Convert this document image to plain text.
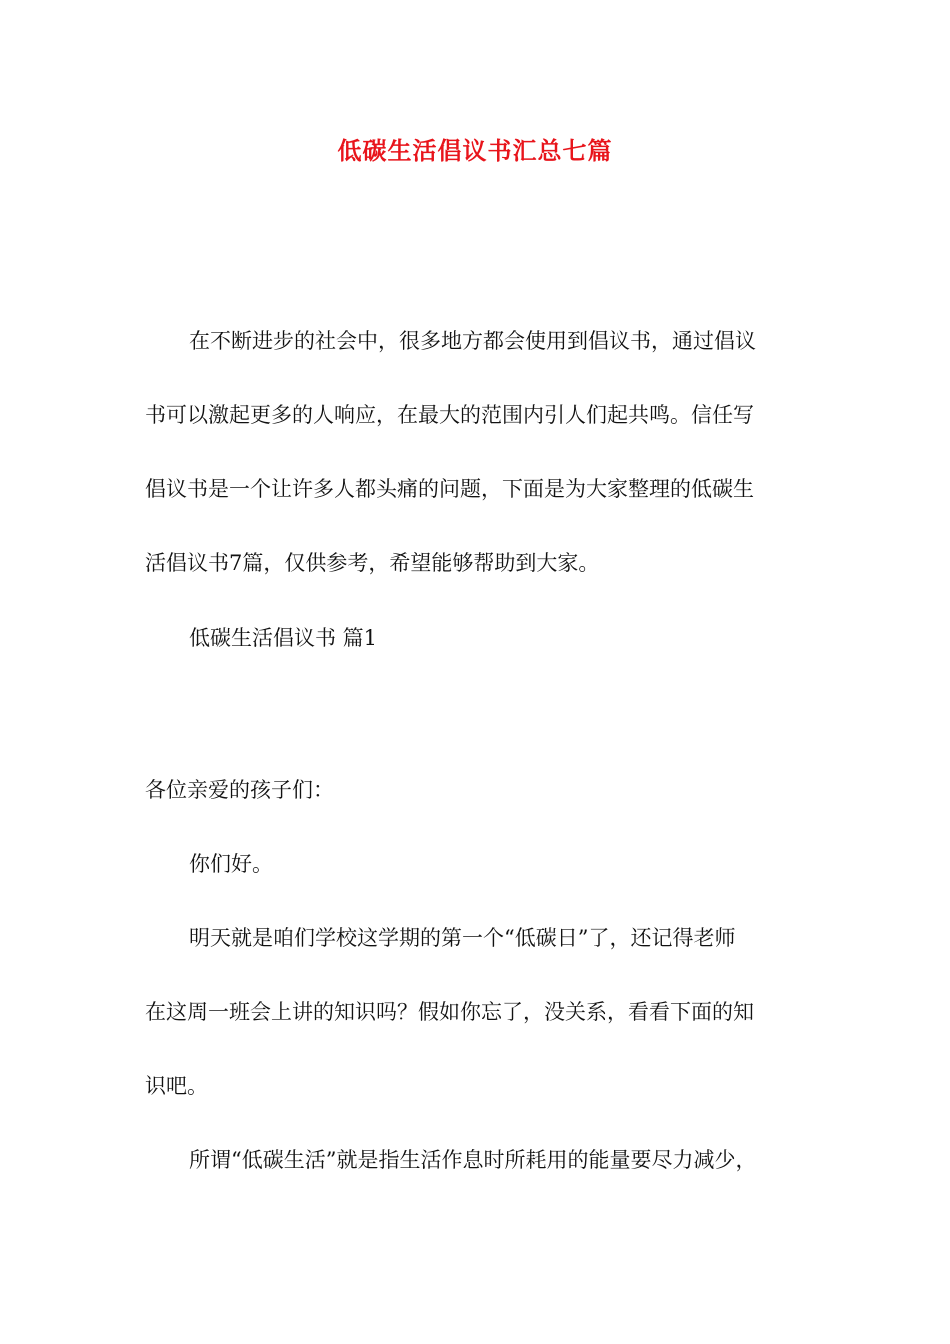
低碳生活倡议书汇总七篇
在不断进步的社会中，很多地方都会使用到倡议书，通过倡议
书可以激起更多的人响应，在最大的范围内引人们起共鸣。信任写
倡议书是一个让许多人都头痛的问题，下面是为大家整理的低碳生
活倡议书7篇，仅供参考，希望能够帮助到大家。
低碳生活倡议书 篇1
各位亲爱的孩子们：
你们好。
明天就是咱们学校这学期的第一个“低碳日”了，还记得老师
在这周一班会上讲的知识吗？假如你忘了，没关系，看看下面的知
识吧。
所谓“低碳生活”就是指生活作息时所耗用的能量要尽力减少，
